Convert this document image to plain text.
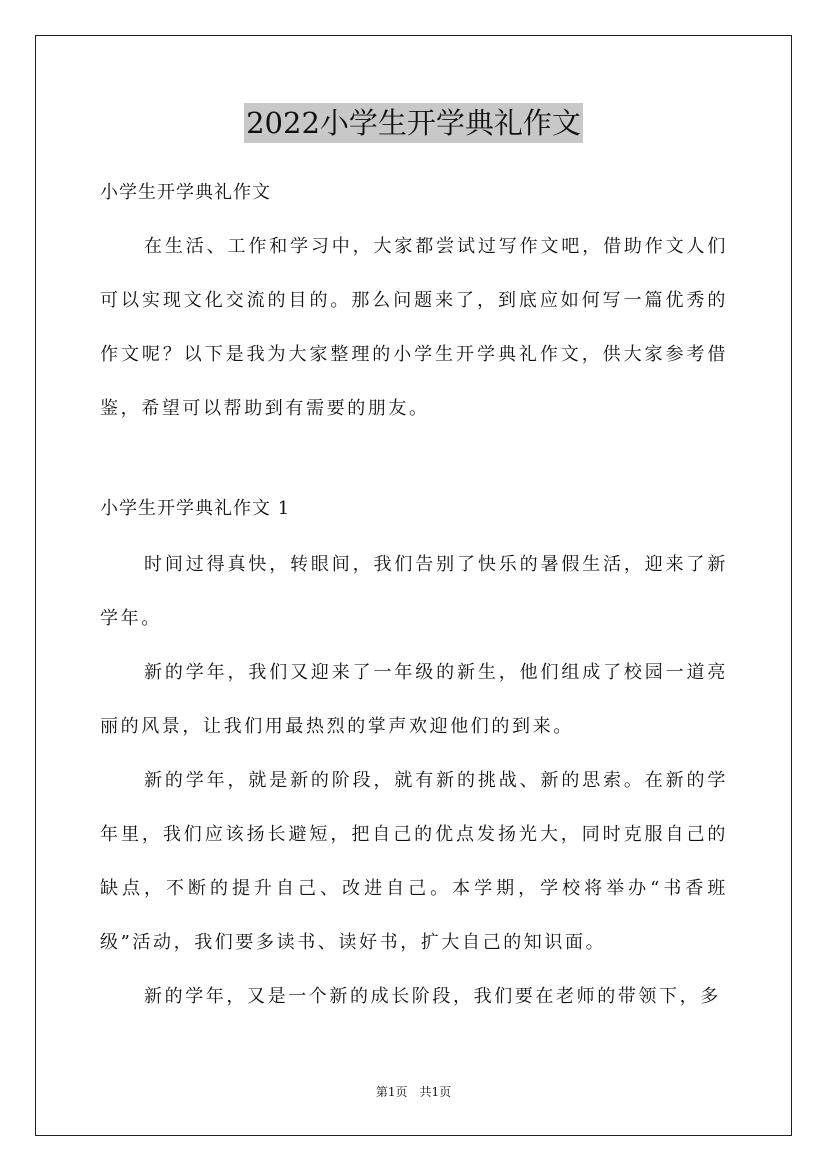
2022小学生开学典礼作文

小学生开学典礼作文

在生活、工作和学习中，大家都尝试过写作文吧，借助作文人们可以实现文化交流的目的。那么问题来了，到底应如何写一篇优秀的作文呢？以下是我为大家整理的小学生开学典礼作文，供大家参考借鉴，希望可以帮助到有需要的朋友。

小学生开学典礼作文 1

时间过得真快，转眼间，我们告别了快乐的暑假生活，迎来了新学年。

新的学年，我们又迎来了一年级的新生，他们组成了校园一道亮丽的风景，让我们用最热烈的掌声欢迎他们的到来。

新的学年，就是新的阶段，就有新的挑战、新的思索。在新的学年里，我们应该扬长避短，把自己的优点发扬光大，同时克服自己的缺点，不断的提升自己、改进自己。本学期，学校将举办“书香班级”活动，我们要多读书、读好书，扩大自己的知识面。

新的学年，又是一个新的成长阶段，我们要在老师的带领下，多

第1页　共1页
